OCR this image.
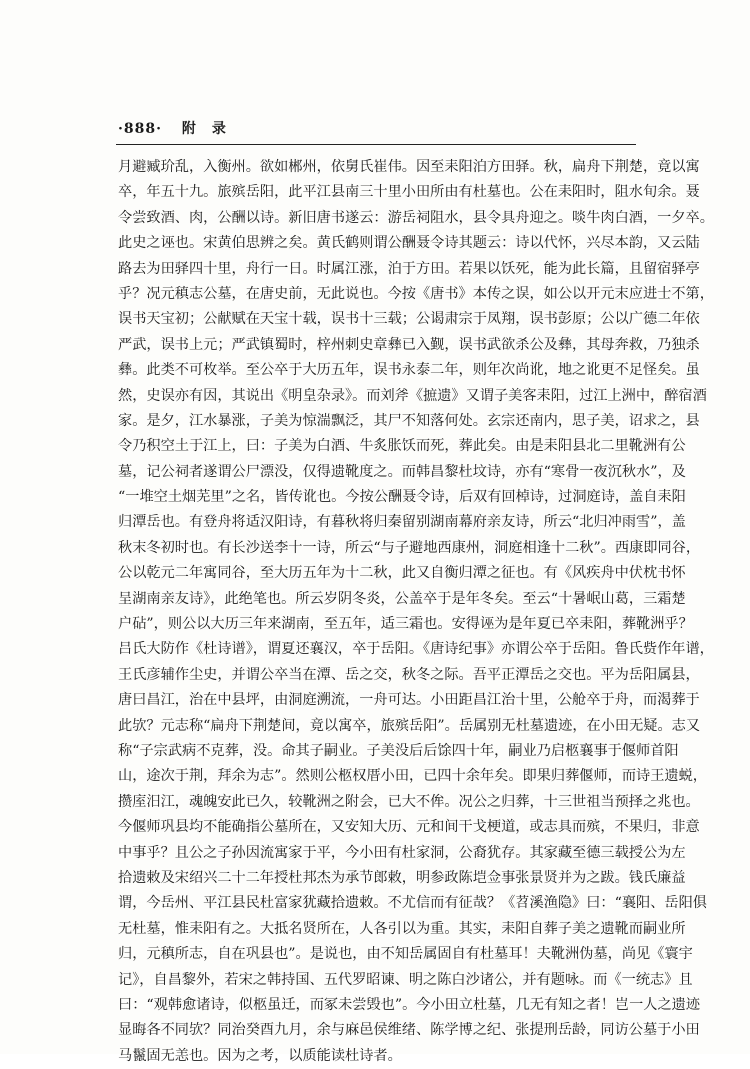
·888· 附　录
月避臧玠乱，入衡州。欲如郴州，依舅氏崔伟。因至耒阳泊方田驿。秋，扁舟下荆楚，竟以寓
卒，年五十九。旅殡岳阳，此平江县南三十里小田所由有杜墓也。公在耒阳时，阻水旬余。聂
令尝致酒、肉，公酬以诗。新旧唐书遂云：游岳祠阻水，县令具舟迎之。啖牛肉白酒，一夕卒。
此史之诬也。宋黄伯思辨之矣。黄氏鹤则谓公酬聂令诗其题云：诗以代怀，兴尽本韵，又云陆
路去为田驿四十里，舟行一日。时属江涨，泊于方田。若果以饫死，能为此长篇，且留宿驿亭
乎？况元稹志公墓，在唐史前，无此说也。今按《唐书》本传之误，如公以开元末应进士不第，
误书天宝初；公献赋在天宝十载，误书十三载；公谒肃宗于凤翔，误书彭原；公以广德二年依
严武，误书上元；严武镇蜀时，梓州刺史章彝已入觐，误书武欲杀公及彝，其母奔救，乃独杀
彝。此类不可枚举。至公卒于大历五年，误书永泰二年，则年次尚讹，地之讹更不足怪矣。虽
然，史误亦有因，其说出《明皇杂录》。而刘斧《摭遗》又谓子美客耒阳，过江上洲中，醉宿酒
家。是夕，江水暴涨，子美为惊湍飘泛，其尸不知落何处。玄宗还南内，思子美，诏求之，县
令乃积空土于江上，曰：子美为白酒、牛炙胀饫而死，葬此矣。由是耒阳县北二里靴洲有公
墓，记公祠者遂谓公尸漂没，仅得遗靴度之。而韩昌黎杜坟诗，亦有“寒骨一夜沉秋水”，及
“一堆空土烟芜里”之名，皆传讹也。今按公酬聂令诗，后双有回棹诗，过洞庭诗，盖自耒阳
归潭岳也。有登舟将适汉阳诗，有暮秋将归秦留别湖南幕府亲友诗，所云“北归冲雨雪”，盖
秋末冬初时也。有长沙送李十一诗，所云“与子避地西康州，洞庭相逢十二秋”。西康即同谷，
公以乾元二年寓同谷，至大历五年为十二秋，此又自衡归潭之征也。有《风疾舟中伏枕书怀
呈湖南亲友诗》，此绝笔也。所云岁阴冬炎，公盖卒于是年冬矣。至云“十暑岷山葛，三霜楚
户砧”，则公以大历三年来湖南，至五年，适三霜也。安得诬为是年夏已卒耒阳，葬靴洲乎？
吕氏大防作《杜诗谱》，谓夏还襄汉，卒于岳阳。《唐诗纪事》亦谓公卒于岳阳。鲁氏赀作年谱，
王氏彦辅作尘史，并谓公卒当在潭、岳之交，秋冬之际。吾平正潭岳之交也。平为岳阳属县，
唐曰昌江，治在中县坪，由洞庭溯流，一舟可达。小田距昌江治十里，公舱卒于舟，而渴葬于
此欤？元志称“扁舟下荆楚间，竟以寓卒，旅殡岳阳”。岳属别无杜墓遗迹，在小田无疑。志又
称“子宗武病不克葬，没。命其子嗣业。子美没后后馀四十年，嗣业乃启柩襄事于偃师首阳
山，途次于荆，拜余为志”。然则公柩权厝小田，已四十余年矣。即果归葬偃师，而诗王遗蜕，
攒庢汨江，魂魄安此已久，较靴洲之附会，已大不侔。况公之归葬，十三世祖当预择之兆也。
今偃师巩县均不能确指公墓所在，又安知大历、元和间干戈梗道，或志具而殡，不果归，非意
中事乎？且公之子孙因流寓家于平，今小田有杜家洞，公裔犹存。其家藏至德三载授公为左
拾遗敕及宋绍兴二十二年授杜邦杰为承节郎敕，明参政陈垲佥事张景贤并为之跋。钱氏廉益
谓，今岳州、平江县民杜富家犹藏拾遗敕。不尤信而有征哉？《苕溪渔隐》曰：“襄阳、岳阳俱
无杜墓，惟耒阳有之。大抵名贤所在，人各引以为重。其实，耒阳自葬子美之遗靴而嗣业所
归，元稹所志，自在巩县也”。是说也，由不知岳属固自有杜墓耳！夫靴洲伪墓，尚见《寰宇
记》，自昌黎外，若宋之韩持国、五代罗昭谏、明之陈白沙诸公，并有题咏。而《一统志》且
曰：“观韩愈诸诗，似柩虽迁，而冢未尝毁也”。今小田立杜墓，几无有知之者！岂一人之遗迹
显晦各不同欤？同治癸酉九月，余与麻邑侯维绪、陈学博之纪、张提刑岳龄，同访公墓于小田
马鬣固无恙也。因为之考，以质能读杜诗者。
